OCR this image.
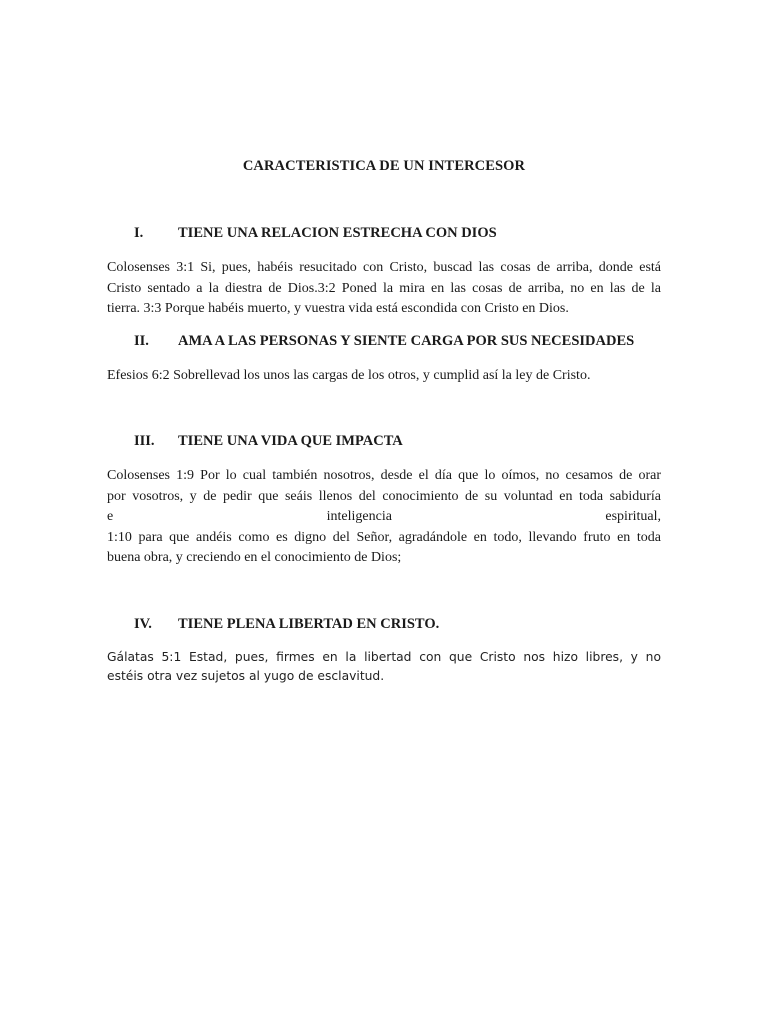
CARACTERISTICA DE UN INTERCESOR
I. TIENE UNA RELACION ESTRECHA CON DIOS
Colosenses 3:1 Si, pues, habéis resucitado con Cristo, buscad las cosas de arriba, donde está
Cristo sentado a la diestra de Dios.3:2 Poned la mira en las cosas de arriba, no en las de la
tierra. 3:3 Porque habéis muerto, y vuestra vida está escondida con Cristo en Dios.
II. AMA A LAS PERSONAS Y SIENTE CARGA POR SUS NECESIDADES
Efesios 6:2 Sobrellevad los unos las cargas de los otros, y cumplid así la ley de Cristo.
III. TIENE UNA VIDA QUE IMPACTA
Colosenses 1:9 Por lo cual también nosotros, desde el día que lo oímos, no cesamos de orar
por vosotros, y de pedir que seáis llenos del conocimiento de su voluntad en toda sabiduría
e inteligencia espiritual,
1:10 para que andéis como es digno del Señor, agradándole en todo, llevando fruto en toda
buena obra, y creciendo en el conocimiento de Dios;
IV. TIENE PLENA LIBERTAD EN CRISTO.
Gálatas 5:1 Estad, pues, firmes en la libertad con que Cristo nos hizo libres, y no
estéis otra vez sujetos al yugo de esclavitud.
